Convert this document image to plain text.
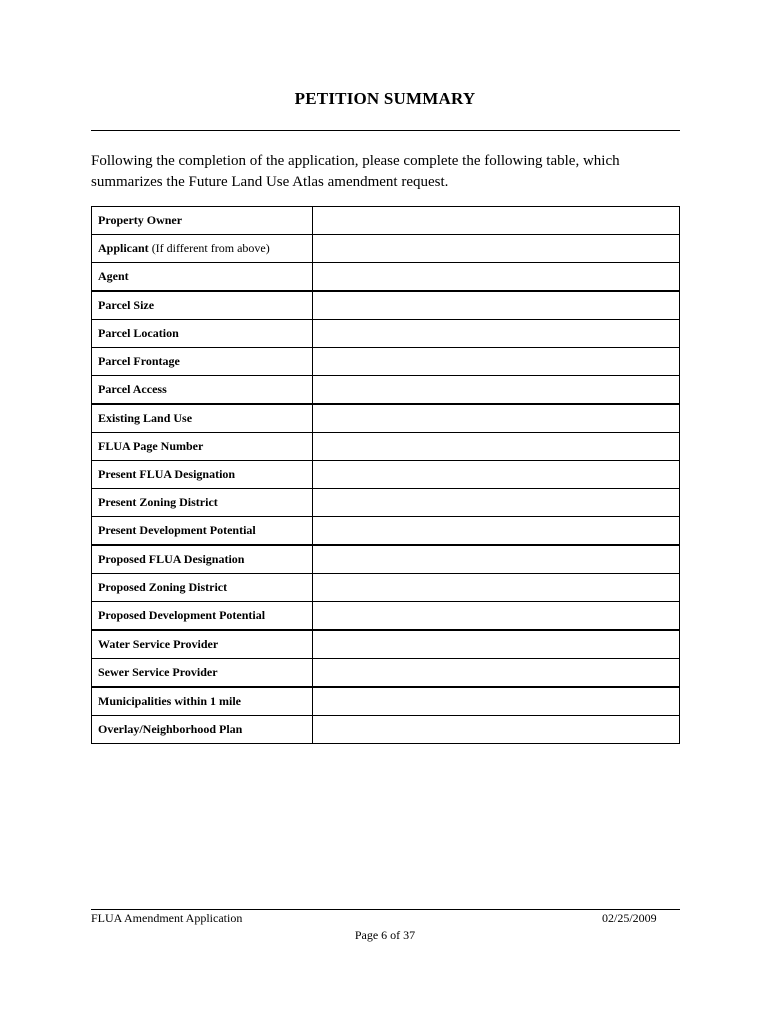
PETITION SUMMARY
Following the completion of the application, please complete the following table, which summarizes the Future Land Use Atlas amendment request.
Property Owner	
Applicant (If different from above)	
Agent	
Parcel Size	
Parcel Location	
Parcel Frontage	
Parcel Access	
Existing Land Use	
FLUA Page Number	
Present FLUA Designation	
Present Zoning District	
Present Development Potential	
Proposed FLUA Designation	
Proposed Zoning District	
Proposed Development Potential	
Water Service Provider	
Sewer Service Provider	
Municipalities within 1 mile	
Overlay/Neighborhood Plan	
FLUA Amendment Application	02/25/2009
Page 6 of 37
